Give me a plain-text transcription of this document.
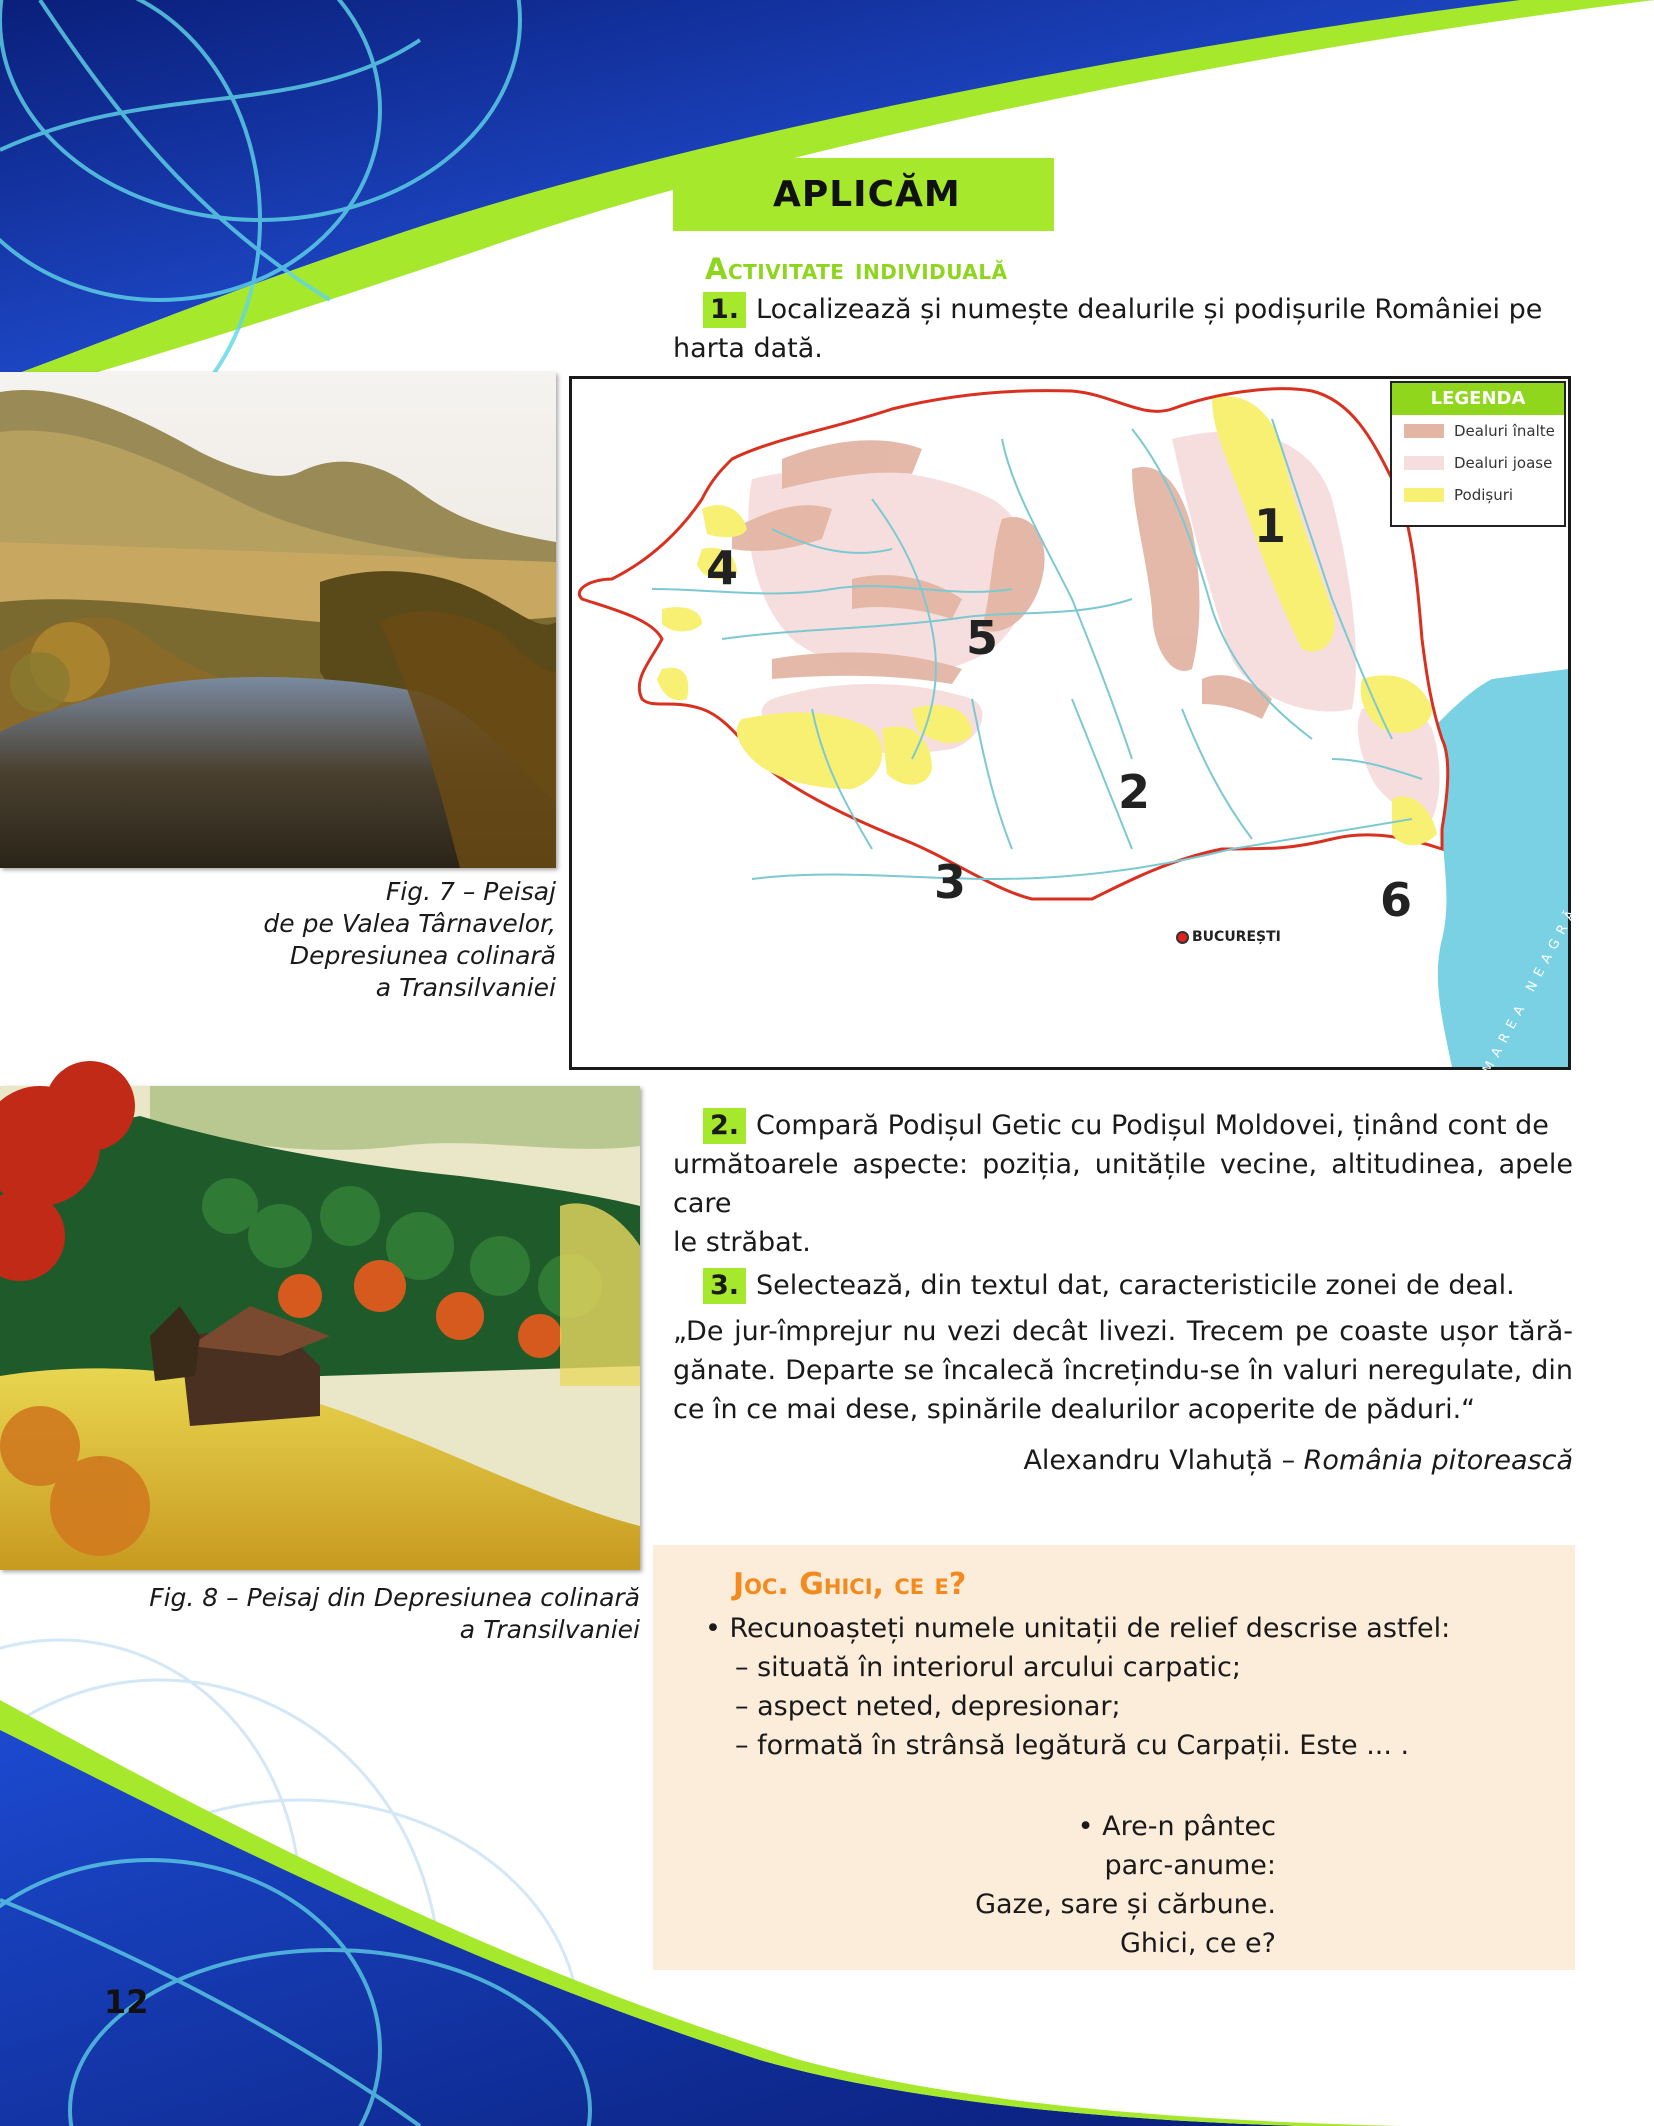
APLICĂM
Activitate individuală
1. Localizează și numește dealurile și podișurile României pe
harta dată.
Fig. 7 – Peisaj
de pe Valea Târnavelor,
Depresiunea colinară
a Transilvaniei
LEGENDA
Dealuri înalte
Dealuri joase
Podișuri
1
2
3
4
5
6
BUCUREȘTI	MAREA NEAGRĂ
Fig. 8 – Peisaj din Depresiunea colinară
a Transilvaniei
2. Compară Podișul Getic cu Podișul Moldovei, ținând cont de
următoarele aspecte: poziția, unitățile vecine, altitudinea, apele care
le străbat.
3. Selectează, din textul dat, caracteristicile zonei de deal.
„De jur-împrejur nu vezi decât livezi. Trecem pe coaste ușor tără-gănate. Departe se încalecă încrețindu-se în valuri neregulate, din ce în ce mai dese, spinările dealurilor acoperite de păduri.“
Alexandru Vlahuță – România pitorească
Joc. Ghici, ce e?
• Recunoașteți numele unitații de relief descrise astfel:
– situată în interiorul arcului carpatic;
– aspect neted, depresionar;
– formată în strânsă legătură cu Carpații. Este ... .
• Are-n pântec
parc-anume:
Gaze, sare și cărbune.
Ghici, ce e?
12
